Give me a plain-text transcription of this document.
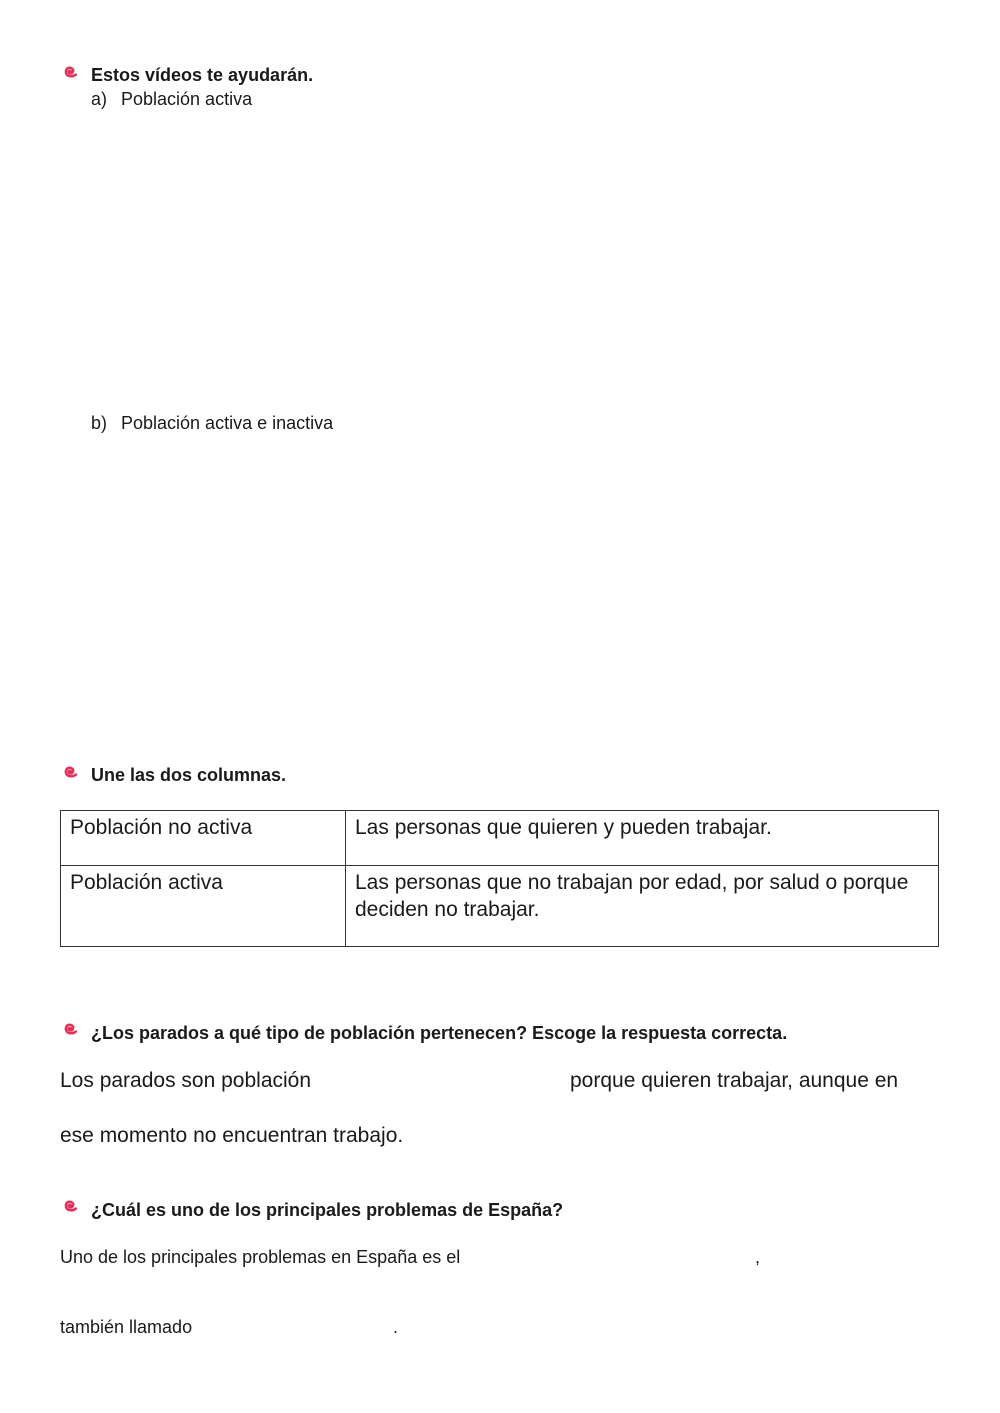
Estos vídeos te ayudarán.
a) Población activa
b) Población activa e inactiva
Une las dos columnas.
Población no activa	Las personas que quieren y pueden trabajar.
Población activa	Las personas que no trabajan por edad, por salud o porque deciden no trabajar.
¿Los parados a qué tipo de población pertenecen? Escoge la respuesta correcta.
Los parados son población	porque quieren trabajar, aunque en
ese momento no encuentran trabajo.
¿Cuál es uno de los principales problemas de España?
Uno de los principales problemas en España es el	,
también llamado	.
